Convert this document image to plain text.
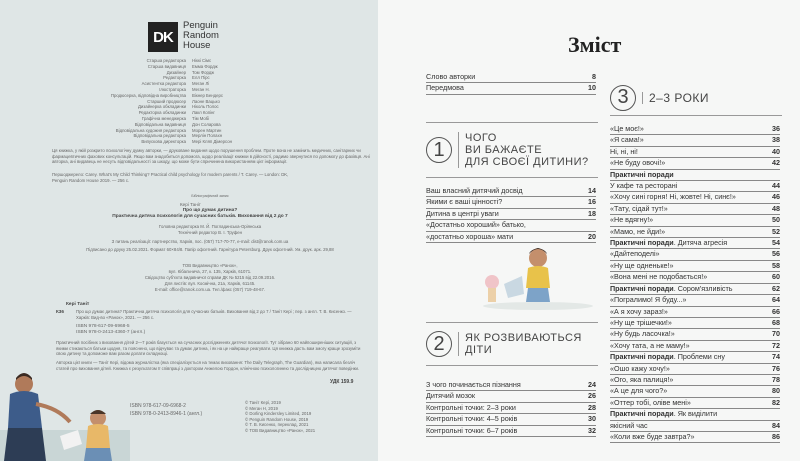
DK
Penguin
Random
House
Старша редакторка	Ніккі Сімс
Старша видавниця	Емма Фордж
Дизайнер	Том Фордж
Редакторка	Елл Пірс
Асистентка редактора	Меган Лі
Ілюстраторка	Меган Н.
Продюсерка, відповідна виробництва	Вікнер Бендерс
Старший продюсер	Лаоне Вацько
Дизайнерка обкладинки	Ніколь Полос
Редакторка обкладинки	Лакл Копінг
Графічна менеджерка	Тім Мобі
Відповідальна видавниця	Дон Соларова
Відповідальна художня редакторка	Морен Мартин
Відповідальна редакторка	Мерлін Полахн
Випускова директорка	Мері Кляп Дімерсон
Ця книжка, у якій розкрито психологічну думку авторки, — друковане видання щодо порушення проблем. Проте вона не замінить медичних, санітарних чи фармацевтичних фахових консультацій. Якщо вам знадобиться допомога, щодо реалізації книжки в дійсності, радимо звернутися по допомогу до фахівця. Ані авторка, ані видавець не несуть відповідальності за шкоду, що може бути спричинена використанням цієї інформації.
Першоджерело: Carey. What's My Child Thinking? Practical child psychology for modern parents / T. Carey. — London: DK, Penguin Random House 2019. — 256 с.
Бібліографічний запис
Кері Таніт
Про що думає дитина?
Практична дитяча психологія для сучасних батьків. Виховання від 2 до 7
Головна редакторка М. Й. Погладинська-Оріянська
Технічний редактор В. І. Труфен
З питань реалізації: партнерство, Харків, пос. (057) 717-70-77, e-mail: dist@ranok.com.ua
Підписано до друку 25.02.2021. Формат 60×84/8. Папір офсетний. Гарнітура Petersburg. Друк офсетний. Ум. друк. арк. 29,88
ТОВ Видавництво «Ранок»,
вул. Кібальчича, 27, к. 135, Харків, 61071.
Свідоцтво суб'єкта видавничої справи ДК № 5215 від 22.09.2016.
Для листів: вул. Космічна, 21а, Харків, 61145.
E-mail: office@ranok.com.ua. Тел./факс (057) 719-48-67.
Кері Таніт
К36	Про що думає дитина? Практична дитяча психологія для сучасних батьків. Виховання від 2 до 7 / Таніт Кері ; пер. з англ. Т. В. Кисенко. — Харків: Вид-во «Ранок», 2021. — 256 с.
ISBN 978-617-09-6968-5
ISBN 978-0-2413-4360-7 (англ.)
Практичний посібник з виховання дітей 2—7 років базується на сучасних дослідженнях дитячої психології. Тут зібрано 60 найпоширеніших ситуацій, з якими стикаються батьки щодня, та пояснено, що відчуває та думає дитина, і як на це найкраще реагувати. Ця книжка дасть вам змогу краще зрозуміти свою дитину та допоможе вам разом долати складнощі.
Авторка цієї книги — Таніт Кері, відома журналістка (яка спеціалізується на темах виховання: The Daily Telegraph, The Guardian), яка написала безліч статей про виховання дітей. Книжка є результатом її співпраці з доктором Анжелою Гордон, клінічною психологинею та дослідницею дитячої поведінки.
УДК 159.9
ISBN 978-617-09-6968-2
ISBN 978-0-2413-8946-1 (англ.)
© Таніт Кері, 2019
© Меган Н, 2019
© Dorling Kindersley Limited, 2019
© Penguin Random House, 2019
© Т. В. Кисенко, переклад, 2021
© ТОВ Видавництво «Ранок», 2021
Зміст
Слово авторки	8
Передмова	10
1
ЧОГО
ВИ БАЖАЄТЕ
ДЛЯ СВОЄЇ ДИТИНИ?
Ваш власний дитячий досвід	14
Якими є ваші цінності?	16
Дитина в центрі уваги	18
«Достатньо хороший» батько,
«достатньо хороша» мати	20
2	ЯК РОЗВИВАЮТЬСЯ
ДІТИ
З чого починається пізнання	24
Дитячий мозок	26
Контрольні точки: 2–3 роки	28
Контрольні точки: 4–5 років	30
Контрольні точки: 6–7 років	32
3	2–3 РОКИ
«Це моє!»	36
«Я сама!»	38
Ні, ні, ні!	40
«Не буду овочі!»	42
Практичні поради
У кафе та ресторані	44
«Хочу сині горня! Ні, жовте! Ні, синє!»	46
«Тату, сідай тут!»	48
«Не вдягну!»	50
«Мамо, не йди!»	52
Практичні поради. Дитяча агресія	54
«Дайтеподелі»	56
«Ну ще одненьке!»	58
«Вона мені не подобається!»	60
Практичні поради. Сором'язливість	62
«Погралимо! Я буду...»	64
«А я хочу зараз!»	66
«Ну ще трішечки!»	68
«Ну будь ласочка!»	70
«Хочу тата, а не маму!»	72
Практичні поради. Проблеми сну	74
«Ошо кажу хочу!»	76
«Ого, яка палиця!»	78
«А це для чого?»	80
«Оттер тобі, оліве мені»	82
Практичні поради. Як виділити
якісний час	84
«Коли вже буде завтра?»	86
